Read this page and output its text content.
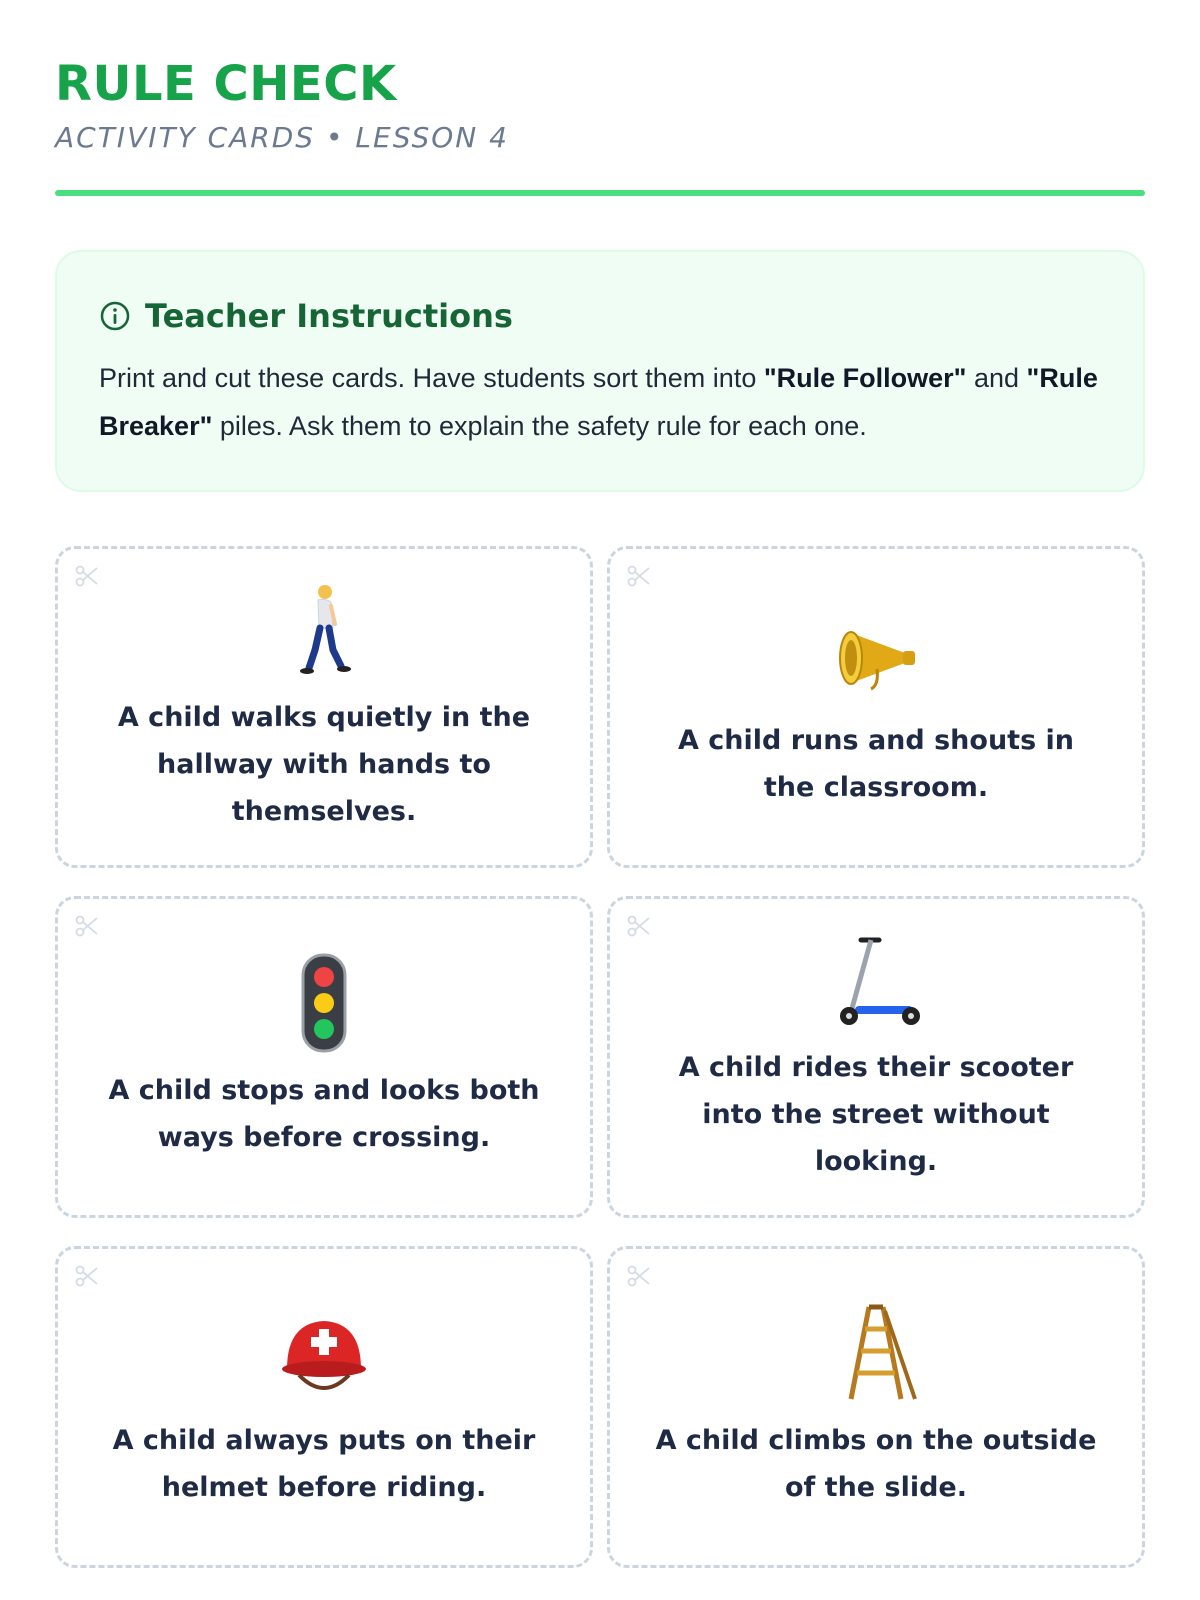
RULE CHECK
ACTIVITY CARDS • LESSON 4
Teacher Instructions

Print and cut these cards. Have students sort them into "Rule Follower" and "Rule Breaker" piles. Ask them to explain the safety rule for each one.

A child walks quietly in the hallway with hands to themselves.
A child runs and shouts in the classroom.
A child stops and looks both ways before crossing.
A child rides their scooter into the street without looking.
A child always puts on their helmet before riding.
A child climbs on the outside of the slide.
